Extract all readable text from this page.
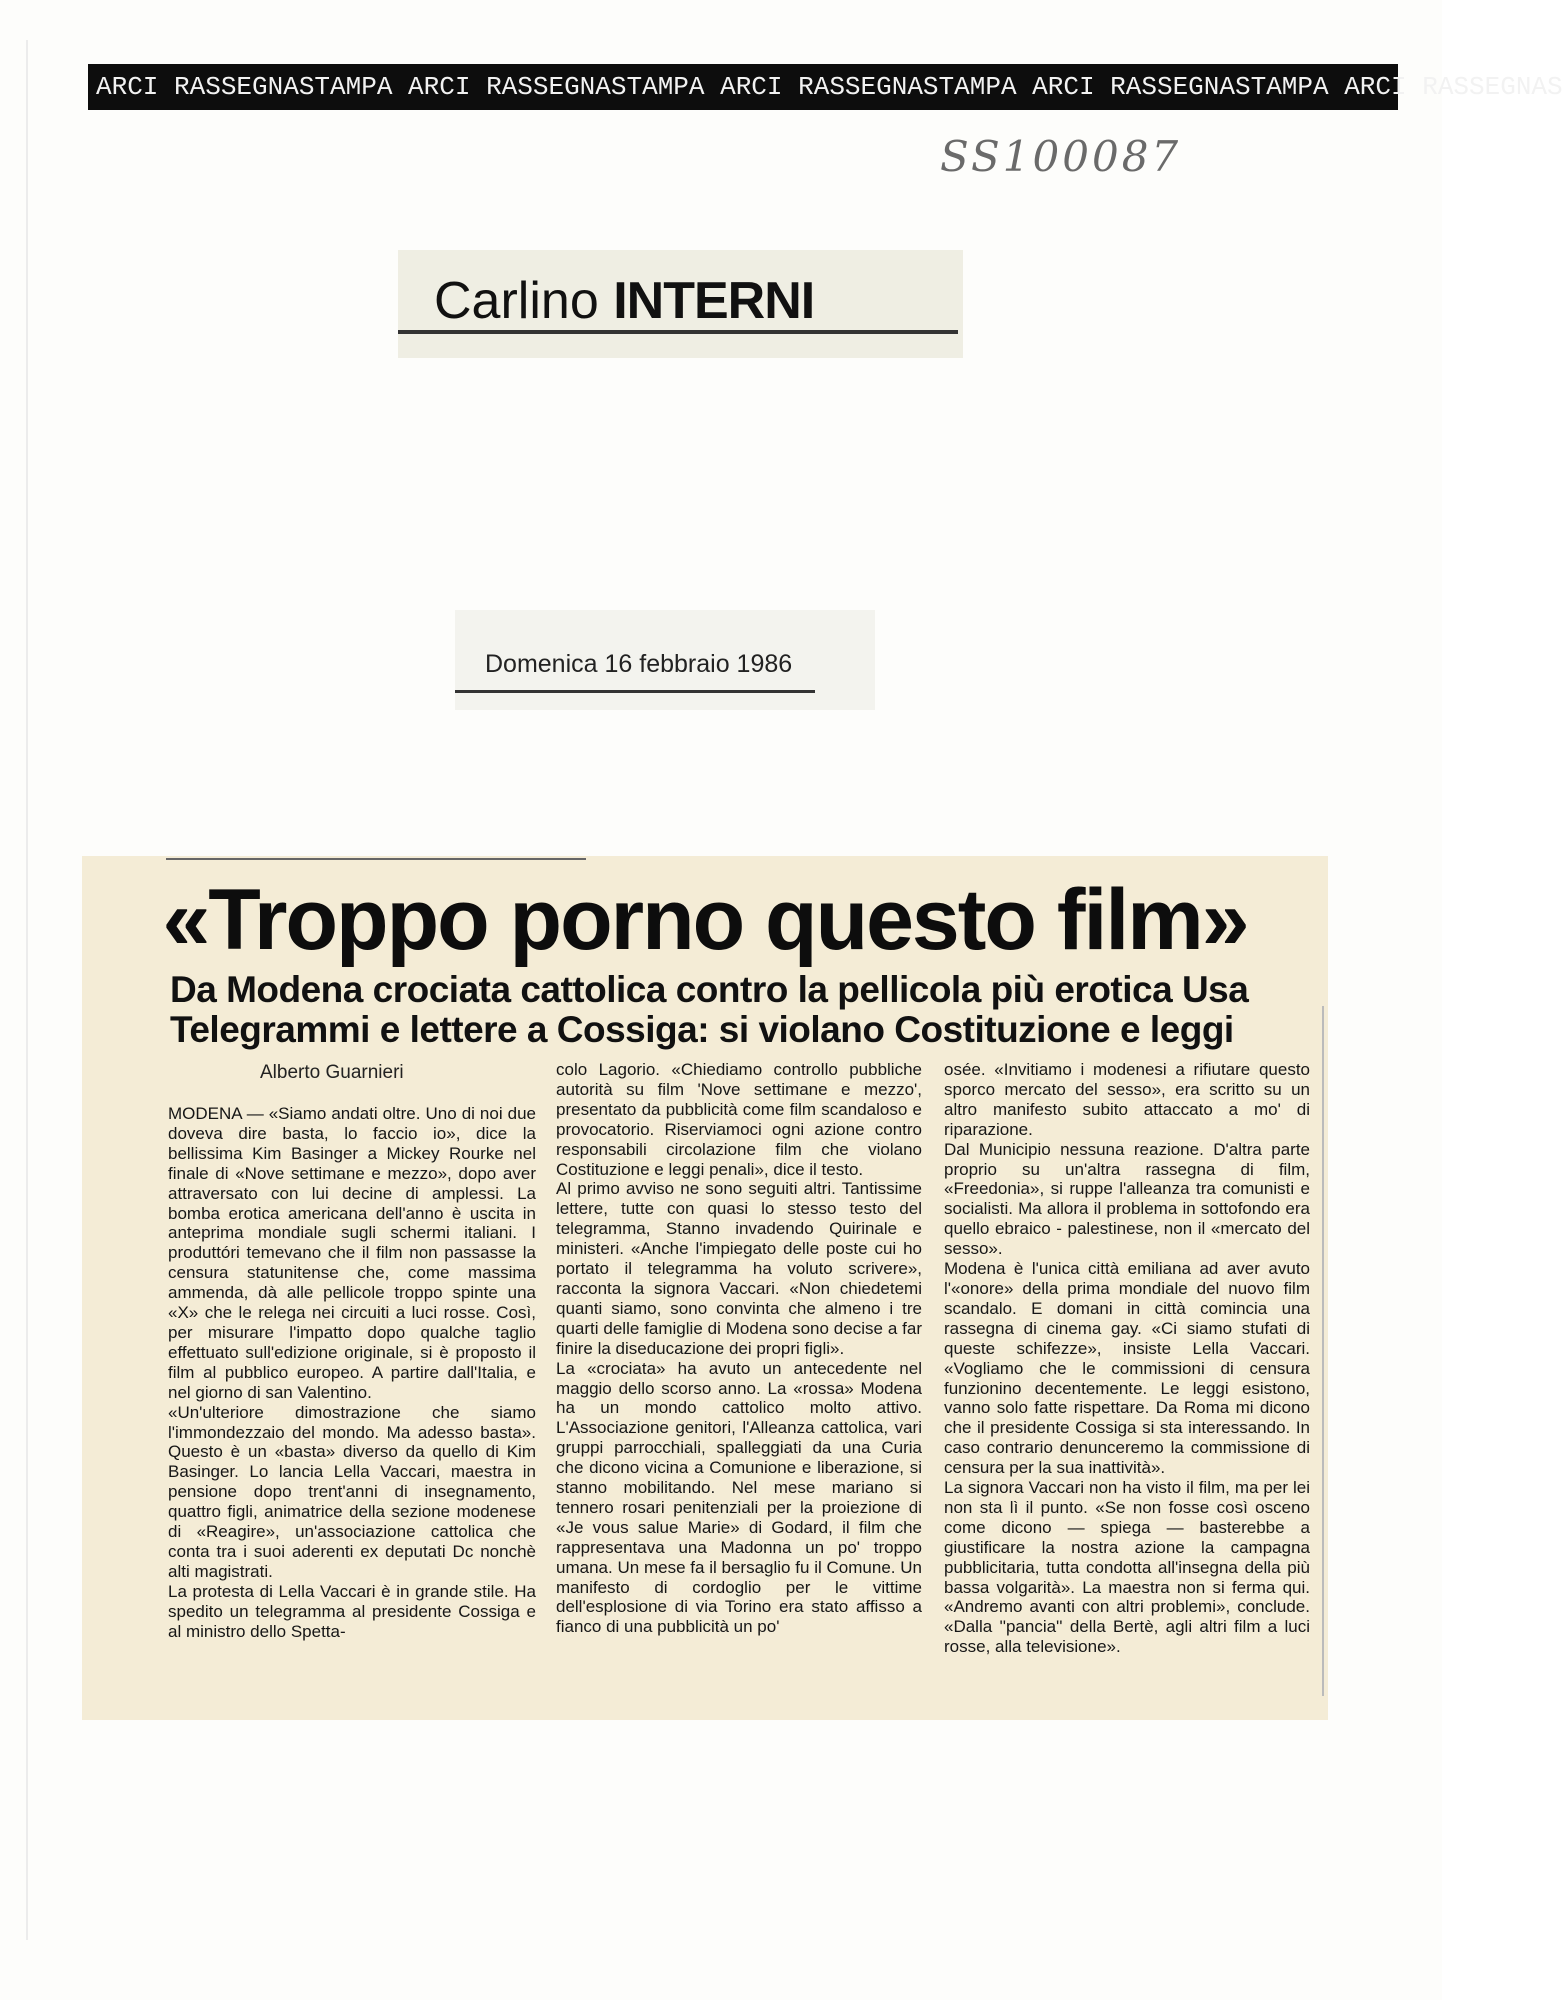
ARCI RASSEGNASTAMPA ARCI RASSEGNASTAMPA ARCI RASSEGNASTAMPA ARCI RASSEGNASTAMPA ARCI RASSEGNAS
SS100087
Carlino INTERNI
Domenica 16 febbraio 1986
«Troppo porno questo film»
Da Modena crociata cattolica contro la pellicola più erotica Usa
Telegrammi e lettere a Cossiga: si violano Costituzione e leggi
Alberto Guarnieri

MODENA — «Siamo andati oltre. Uno di noi due doveva dire basta, lo faccio io», dice la bellissima Kim Basinger a Mickey Rourke nel finale di «Nove settimane e mezzo», dopo aver attraversato con lui decine di amplessi. La bomba erotica americana dell'anno è uscita in anteprima mondiale sugli schermi italiani. I produttóri temevano che il film non passasse la censura statunitense che, come massima ammenda, dà alle pellicole troppo spinte una «X» che le relega nei circuiti a luci rosse. Così, per misurare l'impatto dopo qualche taglio effettuato sull'edizione originale, si è proposto il film al pubblico europeo. A partire dall'Italia, e nel giorno di san Valentino.

«Un'ulteriore dimostrazione che siamo l'immondezzaio del mondo. Ma adesso basta». Questo è un «basta» diverso da quello di Kim Basinger. Lo lancia Lella Vaccari, maestra in pensione dopo trent'anni di insegnamento, quattro figli, animatrice della sezione modenese di «Reagire», un'associazione cattolica che conta tra i suoi aderenti ex deputati Dc nonchè alti magistrati.

La protesta di Lella Vaccari è in grande stile. Ha spedito un telegramma al presidente Cossiga e al ministro dello Spetta-

colo Lagorio. «Chiediamo controllo pubbliche autorità su film 'Nove settimane e mezzo', presentato da pubblicità come film scandaloso e provocatorio. Riserviamoci ogni azione contro responsabili circolazione film che violano Costituzione e leggi penali», dice il testo.

Al primo avviso ne sono seguiti altri. Tantissime lettere, tutte con quasi lo stesso testo del telegramma, Stanno invadendo Quirinale e ministeri. «Anche l'impiegato delle poste cui ho portato il telegramma ha voluto scrivere», racconta la signora Vaccari. «Non chiedetemi quanti siamo, sono convinta che almeno i tre quarti delle famiglie di Modena sono decise a far finire la diseducazione dei propri figli».

La «crociata» ha avuto un antecedente nel maggio dello scorso anno. La «rossa» Modena ha un mondo cattolico molto attivo. L'Associazione genitori, l'Alleanza cattolica, vari gruppi parrocchiali, spalleggiati da una Curia che dicono vicina a Comunione e liberazione, si stanno mobilitando. Nel mese mariano si tennero rosari penitenziali per la proiezione di «Je vous salue Marie» di Godard, il film che rappresentava una Madonna un po' troppo umana. Un mese fa il bersaglio fu il Comune. Un manifesto di cordoglio per le vittime dell'esplosione di via Torino era stato affisso a fianco di una pubblicità un po'

osée. «Invitiamo i modenesi a rifiutare questo sporco mercato del sesso», era scritto su un altro manifesto subito attaccato a mo' di riparazione.

Dal Municipio nessuna reazione. D'altra parte proprio su un'altra rassegna di film, «Freedonia», si ruppe l'alleanza tra comunisti e socialisti. Ma allora il problema in sottofondo era quello ebraico - palestinese, non il «mercato del sesso».

Modena è l'unica città emiliana ad aver avuto l'«onore» della prima mondiale del nuovo film scandalo. E domani in città comincia una rassegna di cinema gay. «Ci siamo stufati di queste schifezze», insiste Lella Vaccari. «Vogliamo che le commissioni di censura funzionino decentemente. Le leggi esistono, vanno solo fatte rispettare. Da Roma mi dicono che il presidente Cossiga si sta interessando. In caso contrario denunceremo la commissione di censura per la sua inattività».

La signora Vaccari non ha visto il film, ma per lei non sta lì il punto. «Se non fosse così osceno come dicono — spiega — basterebbe a giustificare la nostra azione la campagna pubblicitaria, tutta condotta all'insegna della più bassa volgarità». La maestra non si ferma qui. «Andremo avanti con altri problemi», conclude. «Dalla ''pancia'' della Bertè, agli altri film a luci rosse, alla televisione».
